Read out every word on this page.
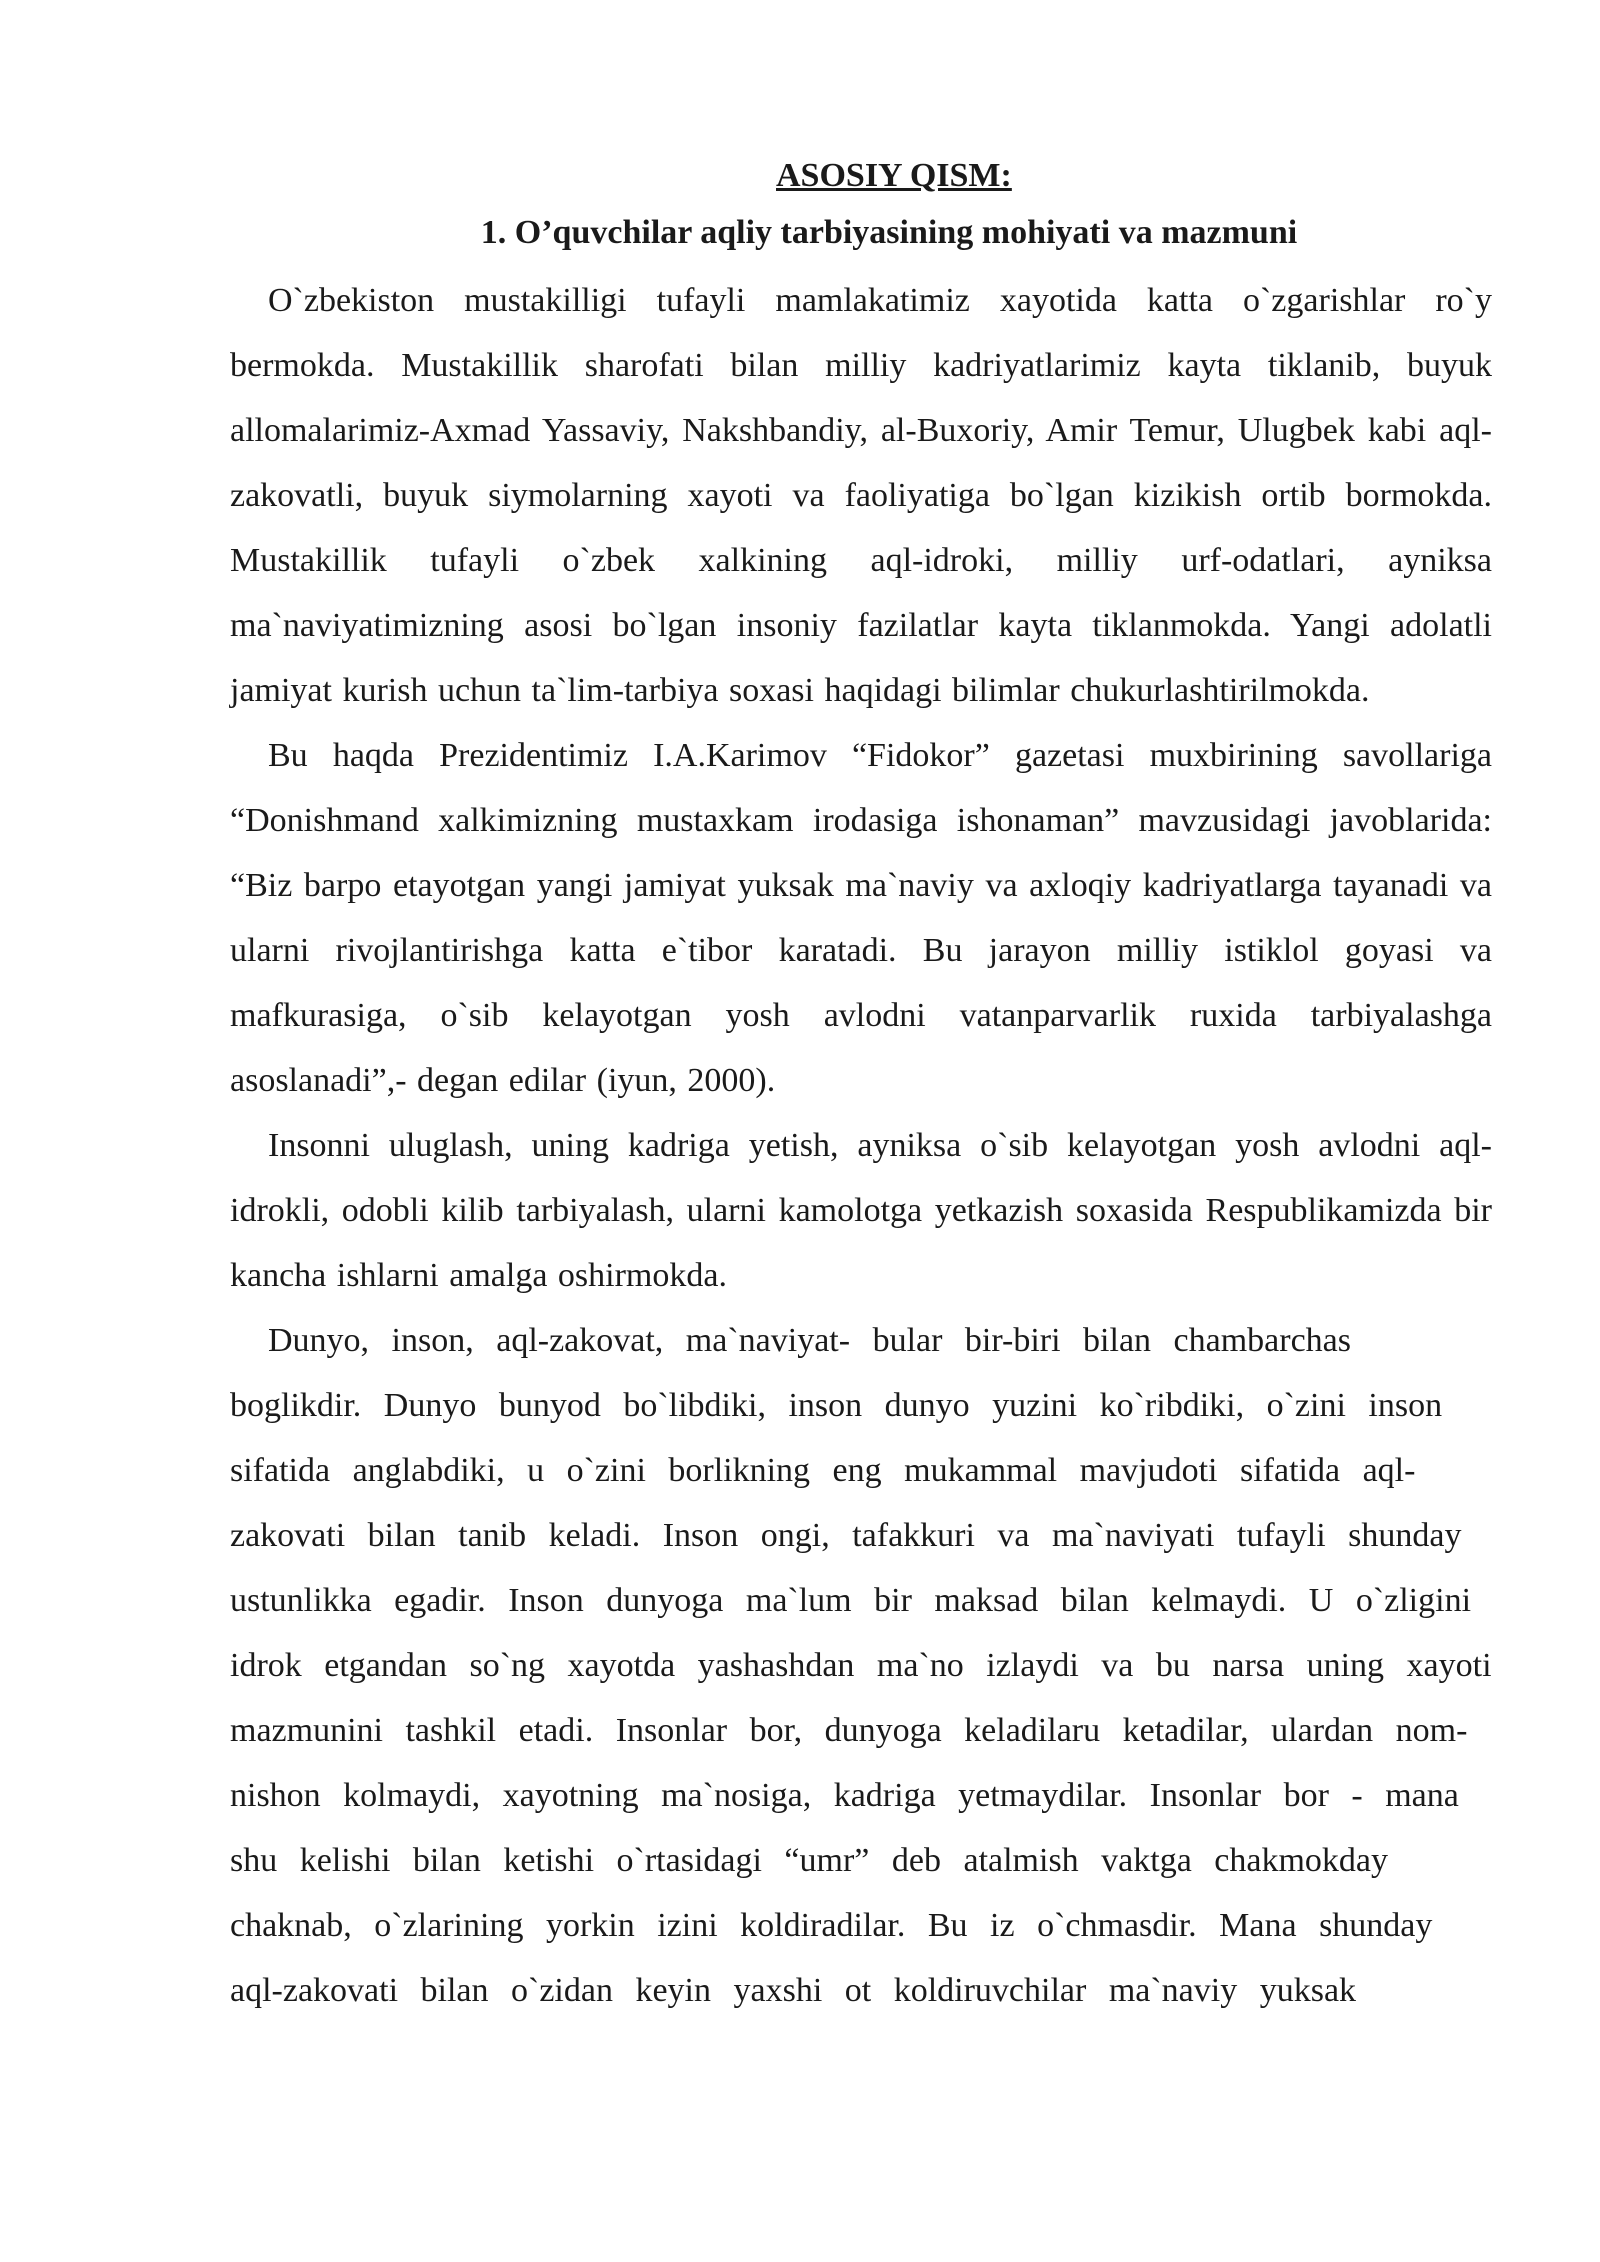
ASOSIY QISM:
1. O’quvchilar aqliy tarbiyasining mohiyati va mazmuni

O`zbekiston mustakilligi tufayli mamlakatimiz xayotida katta o`zgarishlar ro`y bermokda. Mustakillik sharofati bilan milliy kadriyatlarimiz kayta tiklanib, buyuk allomalarimiz-Axmad Yassaviy, Nakshbandiy, al-Buxoriy, Amir Temur, Ulugbek kabi aql-zakovatli, buyuk siymolarning xayoti va faoliyatiga bo`lgan kizikish ortib bormokda. Mustakillik tufayli o`zbek xalkining aql-idroki, milliy urf-odatlari, ayniksa ma`naviyatimizning asosi bo`lgan insoniy fazilatlar kayta tiklanmokda. Yangi adolatli jamiyat kurish uchun ta`lim-tarbiya soxasi haqidagi bilimlar chukurlashtirilmokda.

Bu haqda Prezidentimiz I.A.Karimov “Fidokor” gazetasi muxbirining savollariga “Donishmand xalkimizning mustaxkam irodasiga ishonaman” mavzusidagi javoblarida: “Biz barpo etayotgan yangi jamiyat yuksak ma`naviy va axloqiy kadriyatlarga tayanadi va ularni rivojlantirishga katta e`tibor karatadi. Bu jarayon milliy istiklol goyasi va mafkurasiga, o`sib kelayotgan yosh avlodni vatanparvarlik ruxida tarbiyalashga asoslanadi”,- degan edilar (iyun, 2000).

Insonni uluglash, uning kadriga yetish, ayniksa o`sib kelayotgan yosh avlodni aql-idrokli, odobli kilib tarbiyalash, ularni kamolotga yetkazish soxasida Respublikamizda bir kancha ishlarni amalga oshirmokda.

Dunyo, inson, aql-zakovat, ma`naviyat- bular bir-biri bilan chambarchas boglikdir. Dunyo bunyod bo`libdiki, inson dunyo yuzini ko`ribdiki, o`zini inson sifatida anglabdiki, u o`zini borlikning eng mukammal mavjudoti sifatida aql-zakovati bilan tanib keladi. Inson ongi, tafakkuri va ma`naviyati tufayli shunday ustunlikka egadir. Inson dunyoga ma`lum bir maksad bilan kelmaydi. U o`zligini idrok etgandan so`ng xayotda yashashdan ma`no izlaydi va bu narsa uning xayoti mazmunini tashkil etadi. Insonlar bor, dunyoga keladilaru ketadilar, ulardan nom-nishon kolmaydi, xayotning ma`nosiga, kadriga yetmaydilar. Insonlar bor - mana shu kelishi bilan ketishi o`rtasidagi “umr” deb atalmish vaktga chakmokday chaknab, o`zlarining yorkin izini koldiradilar. Bu iz o`chmasdir. Mana shunday aql-zakovati bilan o`zidan keyin yaxshi ot koldiruvchilar ma`naviy yuksak
